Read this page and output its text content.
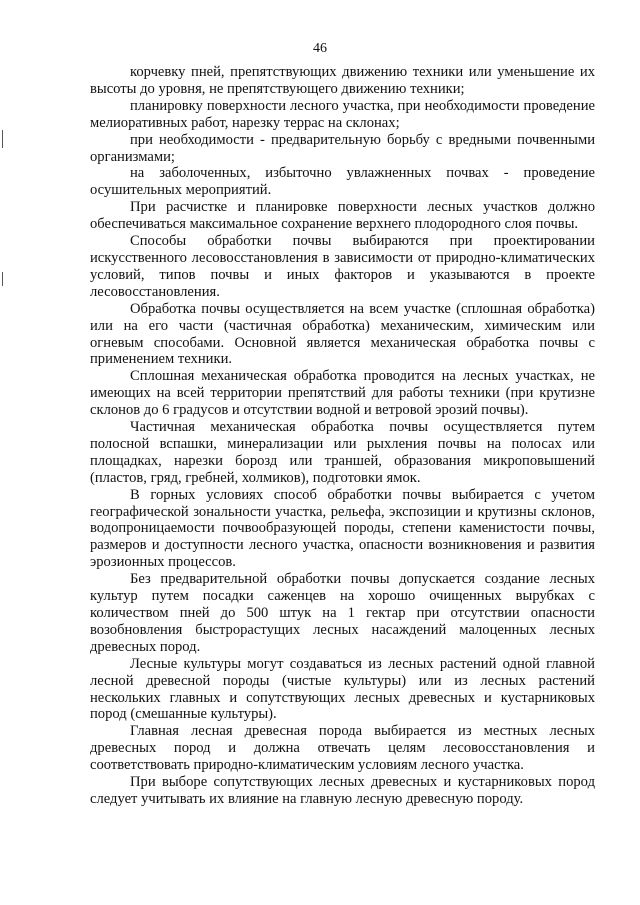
46

корчевку пней, препятствующих движению техники или уменьшение их высоты до уровня, не препятствующего движению техники;

планировку поверхности лесного участка, при необходимости проведение мелиоративных работ, нарезку террас на склонах;

при необходимости - предварительную борьбу с вредными почвенными организмами;

на заболоченных, избыточно увлажненных почвах - проведение осушительных мероприятий.

При расчистке и планировке поверхности лесных участков должно обеспечиваться максимальное сохранение верхнего плодородного слоя почвы.

Способы обработки почвы выбираются при проектировании искусственного лесовосстановления в зависимости от природно-климатических условий, типов почвы и иных факторов и указываются в проекте лесовосстановления.

Обработка почвы осуществляется на всем участке (сплошная обработка) или на его части (частичная обработка) механическим, химическим или огневым способами. Основной является механическая обработка почвы с применением техники.

Сплошная механическая обработка проводится на лесных участках, не имеющих на всей территории препятствий для работы техники (при крутизне склонов до 6 градусов и отсутствии водной и ветровой эрозий почвы).

Частичная механическая обработка почвы осуществляется путем полосной вспашки, минерализации или рыхления почвы на полосах или площадках, нарезки борозд или траншей, образования микроповышений (пластов, гряд, гребней, холмиков), подготовки ямок.

В горных условиях способ обработки почвы выбирается с учетом географической зональности участка, рельефа, экспозиции и крутизны склонов, водопроницаемости почвообразующей породы, степени каменистости почвы, размеров и доступности лесного участка, опасности возникновения и развития эрозионных процессов.

Без предварительной обработки почвы допускается создание лесных культур путем посадки саженцев на хорошо очищенных вырубках с количеством пней до 500 штук на 1 гектар при отсутствии опасности возобновления быстрорастущих лесных насаждений малоценных лесных древесных пород.

Лесные культуры могут создаваться из лесных растений одной главной лесной древесной породы (чистые культуры) или из лесных растений нескольких главных и сопутствующих лесных древесных и кустарниковых пород (смешанные культуры).

Главная лесная древесная порода выбирается из местных лесных древесных пород и должна отвечать целям лесовосстановления и соответствовать природно-климатическим условиям лесного участка.

При выборе сопутствующих лесных древесных и кустарниковых пород следует учитывать их влияние на главную лесную древесную породу.
